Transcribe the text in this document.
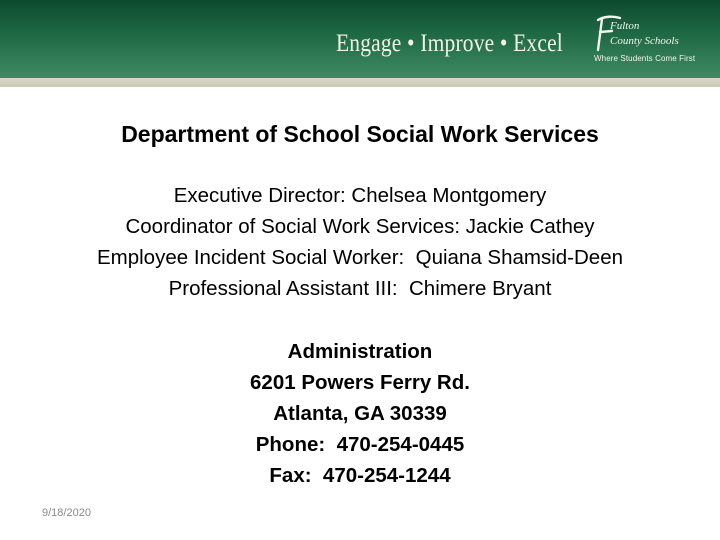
Engage • Improve • Excel
Fulton
County Schools
Where Students Come First
Department of School Social Work Services
Executive Director: Chelsea Montgomery
Coordinator of Social Work Services: Jackie Cathey
Employee Incident Social Worker:  Quiana Shamsid-Deen
Professional Assistant III:  Chimere Bryant
Administration
6201 Powers Ferry Rd.
Atlanta, GA 30339
Phone:  470-254-0445
Fax:  470-254-1244
9/18/2020
